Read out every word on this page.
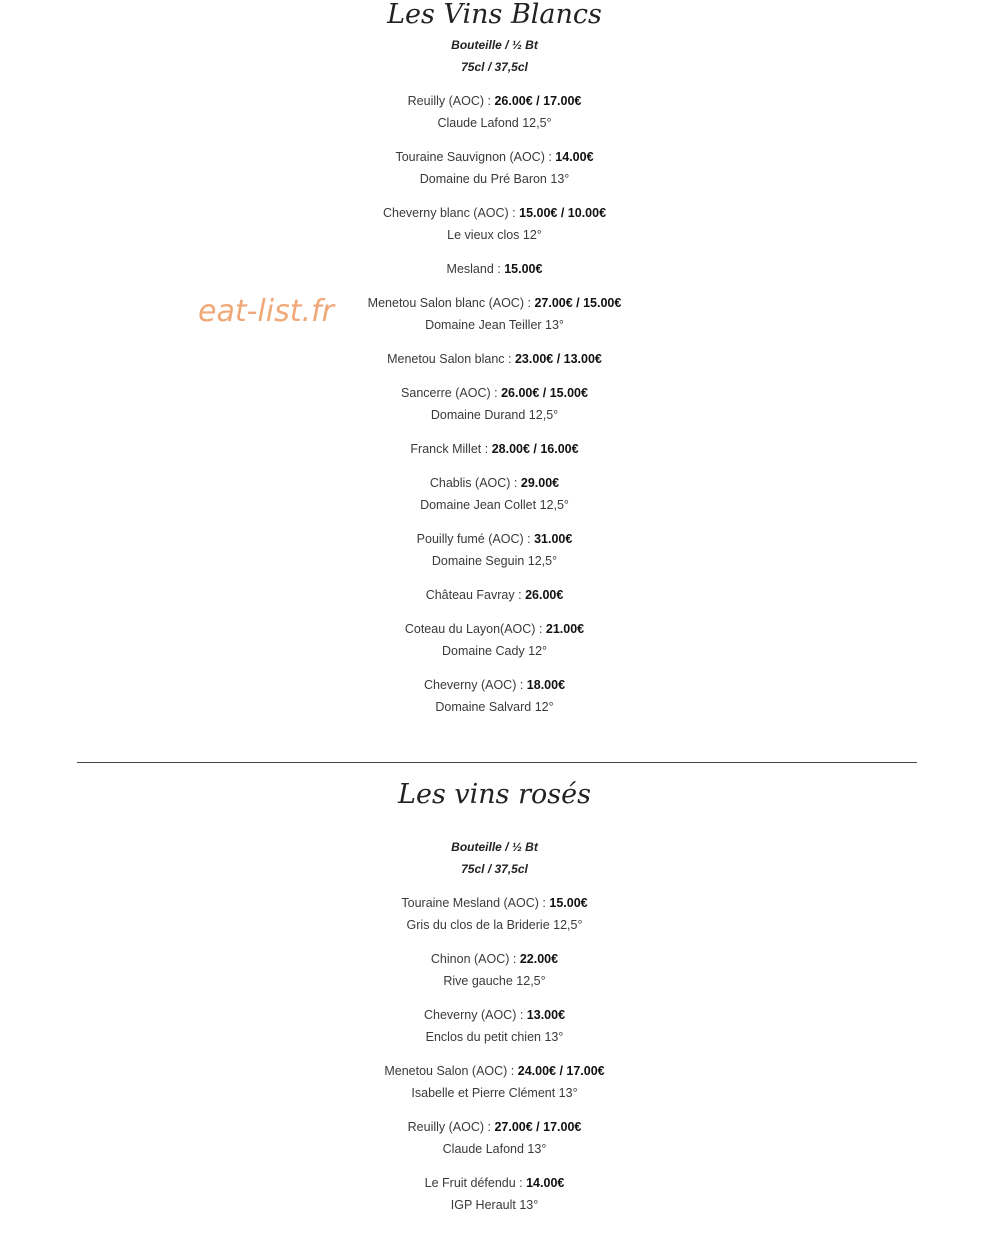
eat-list.fr
Les Vins Blancs
Bouteille / ½ Bt
75cl / 37,5cl
Reuilly (AOC) : 26.00€ / 17.00€
Claude Lafond 12,5°
Touraine Sauvignon (AOC) : 14.00€
Domaine du Pré Baron 13°
Cheverny blanc (AOC) : 15.00€ / 10.00€
Le vieux clos 12°
Mesland : 15.00€
Menetou Salon blanc (AOC) : 27.00€ / 15.00€
Domaine Jean Teiller 13°
Menetou Salon blanc : 23.00€ / 13.00€
Sancerre (AOC) : 26.00€ / 15.00€
Domaine Durand 12,5°
Franck Millet : 28.00€ / 16.00€
Chablis (AOC) : 29.00€
Domaine Jean Collet 12,5°
Pouilly fumé (AOC) : 31.00€
Domaine Seguin 12,5°
Château Favray : 26.00€
Coteau du Layon(AOC) : 21.00€
Domaine Cady 12°
Cheverny (AOC) : 18.00€
Domaine Salvard 12°
Les vins rosés
Bouteille / ½ Bt
75cl / 37,5cl
Touraine Mesland (AOC) : 15.00€
Gris du clos de la Briderie 12,5°
Chinon (AOC) : 22.00€
Rive gauche 12,5°
Cheverny (AOC) : 13.00€
Enclos du petit chien 13°
Menetou Salon (AOC) : 24.00€ / 17.00€
Isabelle et Pierre Clément 13°
Reuilly (AOC) : 27.00€ / 17.00€
Claude Lafond 13°
Le Fruit défendu : 14.00€
IGP Herault 13°
